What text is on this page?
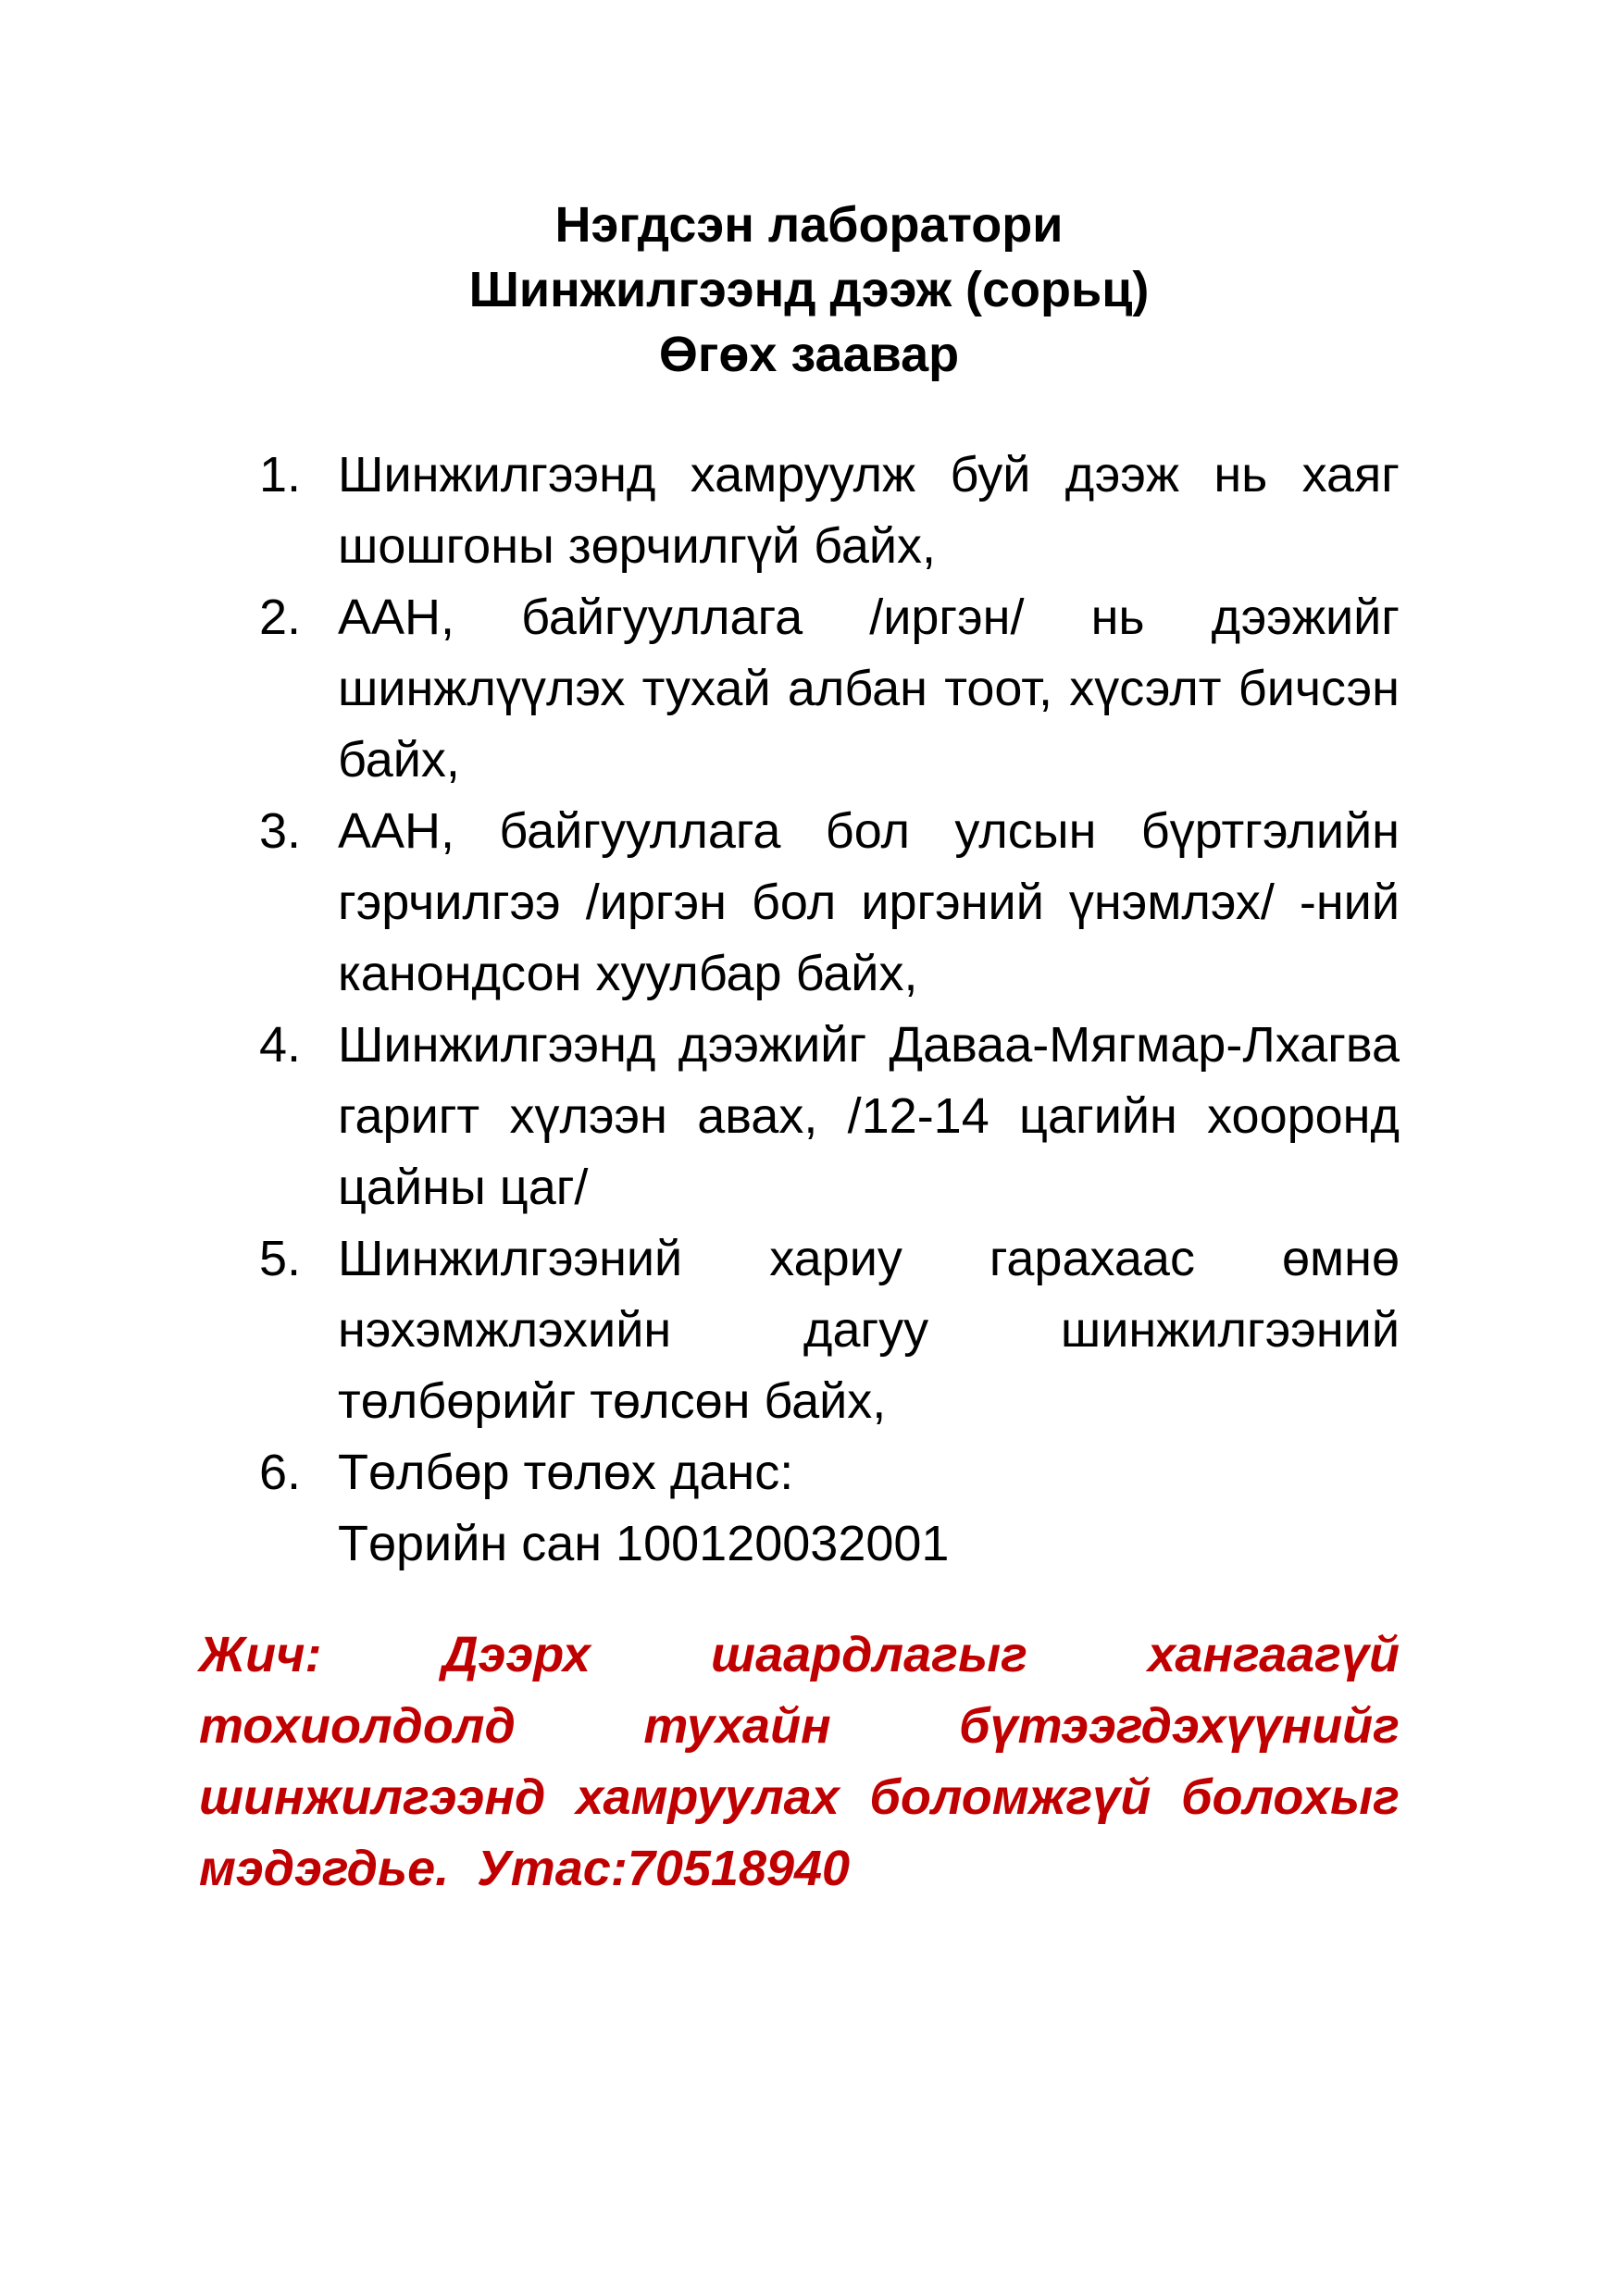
Нэгдсэн лаборатори
Шинжилгээнд дээж (сорьц)
Өгөх заавар
1. Шинжилгээнд хамруулж буй дээж нь хаяг шошгоны зөрчилгүй байх,
2. ААН, байгууллага /иргэн/ нь дээжийг шинжлүүлэх тухай албан тоот, хүсэлт бичсэн байх,
3. ААН, байгууллага бол улсын бүртгэлийн гэрчилгээ /иргэн бол иргэний үнэмлэх/ -ний канондсон хуулбар байх,
4. Шинжилгээнд дээжийг Даваа-Мягмар-Лхагва гаригт хүлээн авах, /12-14 цагийн хооронд цайны цаг/
5. Шинжилгээний хариу гарахаас өмнө нэхэмжлэхийн дагуу шинжилгээний төлбөрийг төлсөн байх,
6. Төлбөр төлөх данс:
Төрийн сан 100120032001

Жич: Дээрх шаардлагыг хангаагүй тохиолдолд тухайн бүтээгдэхүүнийг шинжилгээнд хамруулах боломжгүй болохыг мэдэгдье. Утас:70518940
